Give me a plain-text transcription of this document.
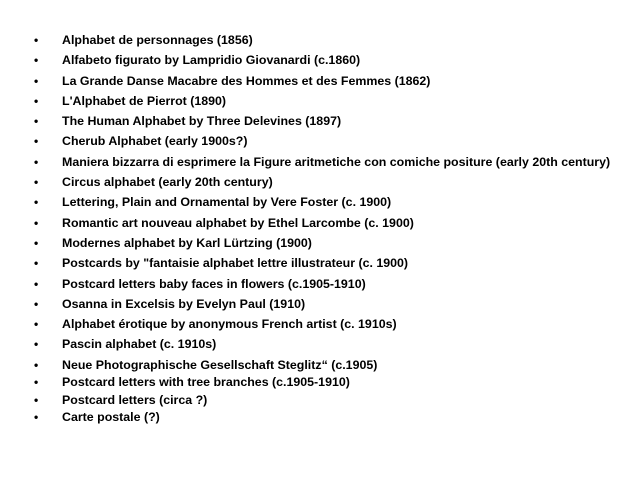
• Alphabet de personnages (1856)
• Alfabeto figurato by Lampridio Giovanardi (c.1860)
• La Grande Danse Macabre des Hommes et des Femmes (1862)
• L'Alphabet de Pierrot (1890)
• The Human Alphabet by Three Delevines (1897)
• Cherub Alphabet (early 1900s?)
• Maniera bizzarra di esprimere la Figure aritmetiche con comiche positure (early 20th century)
• Circus alphabet (early 20th century)
• Lettering, Plain and Ornamental by Vere Foster (c. 1900)
• Romantic art nouveau alphabet by Ethel Larcombe (c. 1900)
• Modernes alphabet by Karl Lürtzing (1900)
• Postcards by "fantaisie alphabet lettre illustrateur (c. 1900)
• Postcard letters baby faces in flowers (c.1905-1910)
• Osanna in Excelsis by Evelyn Paul (1910)
• Alphabet érotique by anonymous French artist (c. 1910s)
• Pascin alphabet (c. 1910s)
• Neue Photographische Gesellschaft Steglitz“ (c.1905)
• Postcard letters with tree branches (c.1905-1910)
• Postcard letters (circa ?)
• Carte postale (?)
